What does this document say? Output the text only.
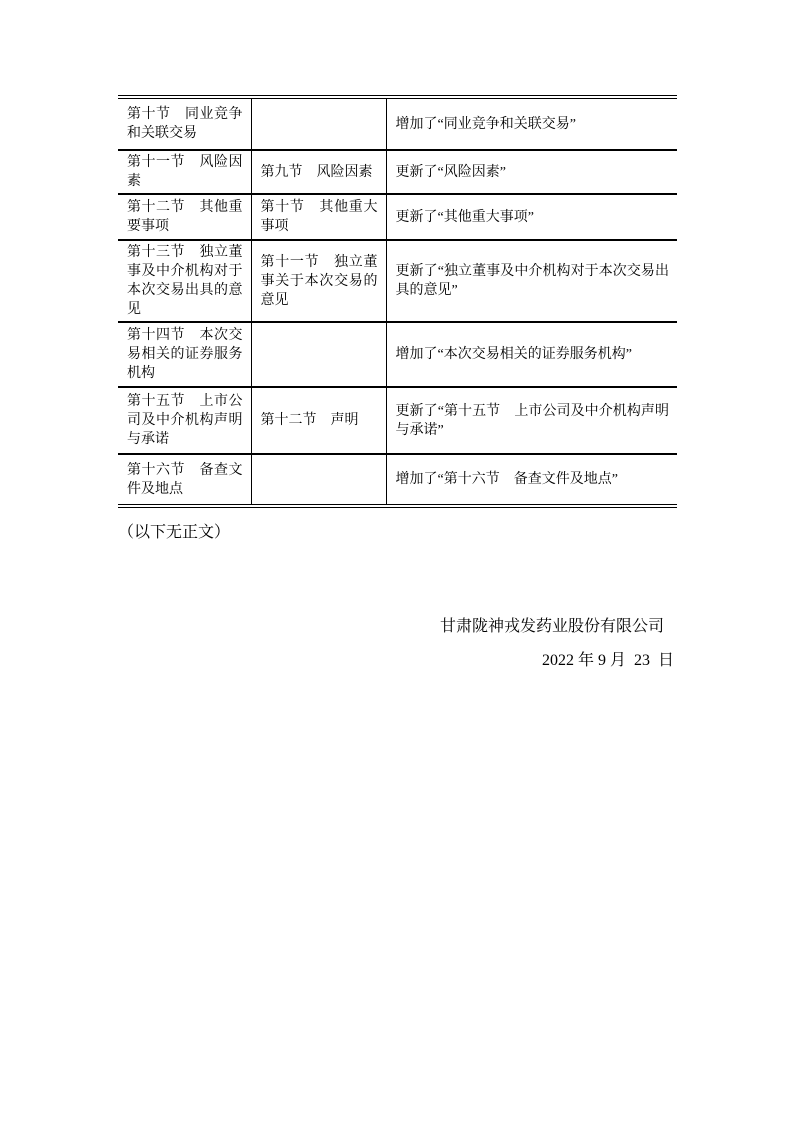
第十节　同业竞争和关联交易		增加了“同业竞争和关联交易”
第十一节　风险因素	第九节　风险因素	更新了“风险因素”
第十二节　其他重要事项	第十节　其他重大事项	更新了“其他重大事项”
第十三节　独立董事及中介机构对于本次交易出具的意见	第十一节　独立董事关于本次交易的意见	更新了“独立董事及中介机构对于本次交易出具的意见”
第十四节　本次交易相关的证券服务机构		增加了“本次交易相关的证券服务机构”
第十五节　上市公司及中介机构声明与承诺	第十二节　声明	更新了“第十五节　上市公司及中介机构声明与承诺”
第十六节　备查文件及地点		增加了“第十六节　备查文件及地点”

（以下无正文）

甘肃陇神戎发药业股份有限公司

2022 年 9 月  23  日
